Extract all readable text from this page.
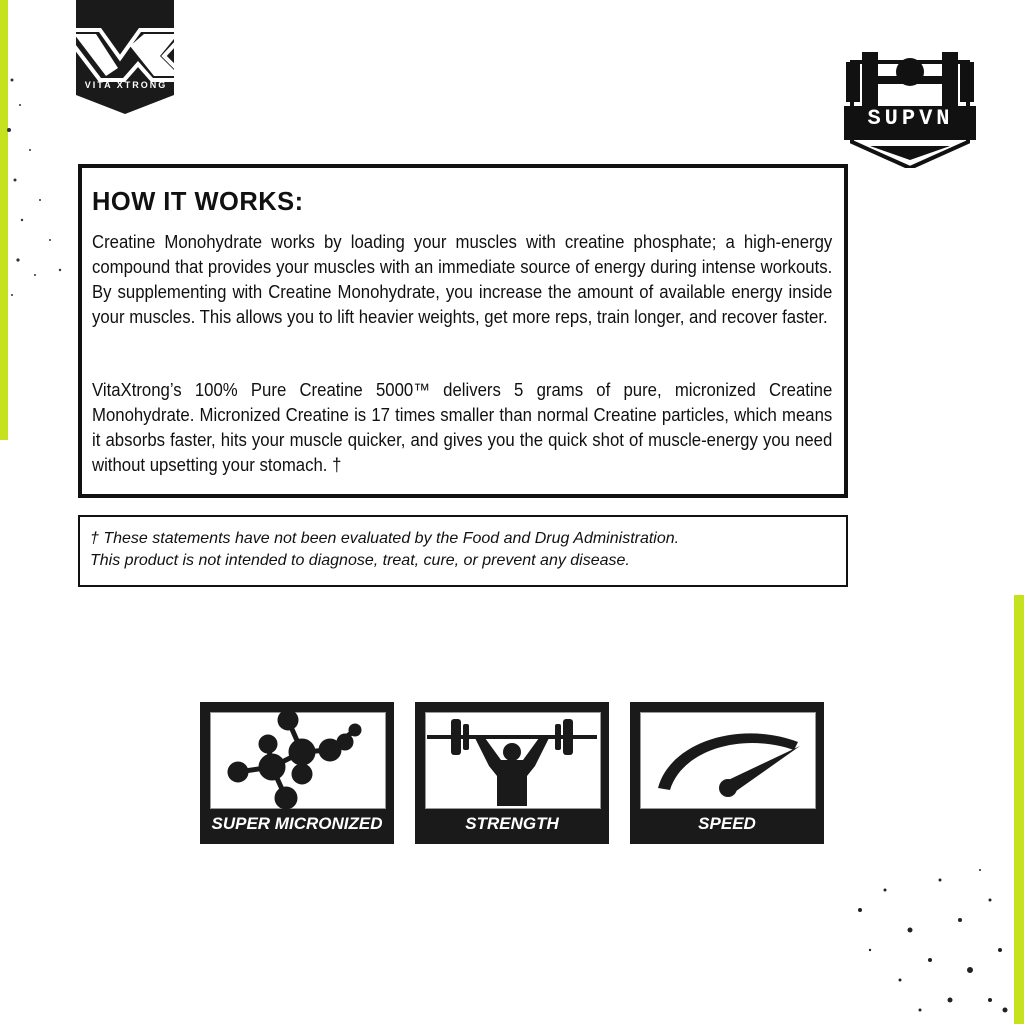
VITA XTRONG
SUPVN
HOW IT WORKS:

Creatine Monohydrate works by loading your muscles with creatine phosphate; a high-energy compound that provides your muscles with an immediate source of energy during intense workouts. By supplementing with Creatine Monohydrate, you increase the amount of available energy inside your muscles. This allows you to lift heavier weights, get more reps, train longer, and recover faster.

VitaXtrong’s 100% Pure Creatine 5000™ delivers 5 grams of pure, micronized Creatine Monohydrate. Micronized Creatine is 17 times smaller than normal Creatine particles, which means it absorbs faster, hits your muscle quicker, and gives you the quick shot of muscle-energy you need without upsetting your stomach. †

† These statements have not been evaluated by the Food and Drug Administration.
This product is not intended to diagnose, treat, cure, or prevent any disease.
SUPER MICRONIZED	STRENGTH	SPEED
